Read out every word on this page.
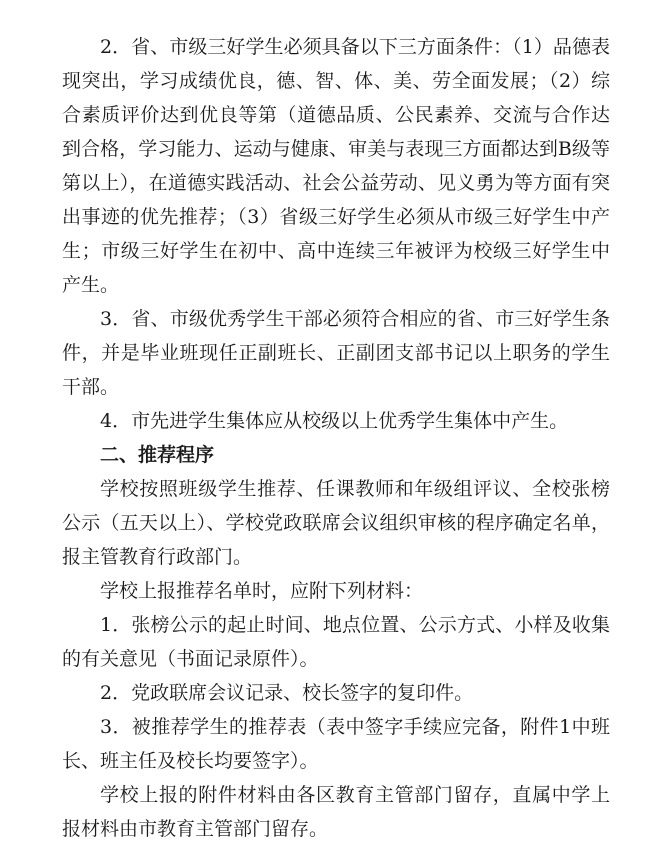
2．省、市级三好学生必须具备以下三方面条件：（1）品德表现突出，学习成绩优良，德、智、体、美、劳全面发展；（2）综合素质评价达到优良等第（道德品质、公民素养、交流与合作达到合格，学习能力、运动与健康、审美与表现三方面都达到B级等第以上），在道德实践活动、社会公益劳动、见义勇为等方面有突出事迹的优先推荐；（3）省级三好学生必须从市级三好学生中产生；市级三好学生在初中、高中连续三年被评为校级三好学生中产生。

3．省、市级优秀学生干部必须符合相应的省、市三好学生条件，并是毕业班现任正副班长、正副团支部书记以上职务的学生干部。

4．市先进学生集体应从校级以上优秀学生集体中产生。

二、推荐程序

学校按照班级学生推荐、任课教师和年级组评议、全校张榜公示（五天以上）、学校党政联席会议组织审核的程序确定名单，报主管教育行政部门。

学校上报推荐名单时，应附下列材料：

1．张榜公示的起止时间、地点位置、公示方式、小样及收集的有关意见（书面记录原件）。

2．党政联席会议记录、校长签字的复印件。

3．被推荐学生的推荐表（表中签字手续应完备，附件1中班长、班主任及校长均要签字）。

学校上报的附件材料由各区教育主管部门留存，直属中学上报材料由市教育主管部门留存。
